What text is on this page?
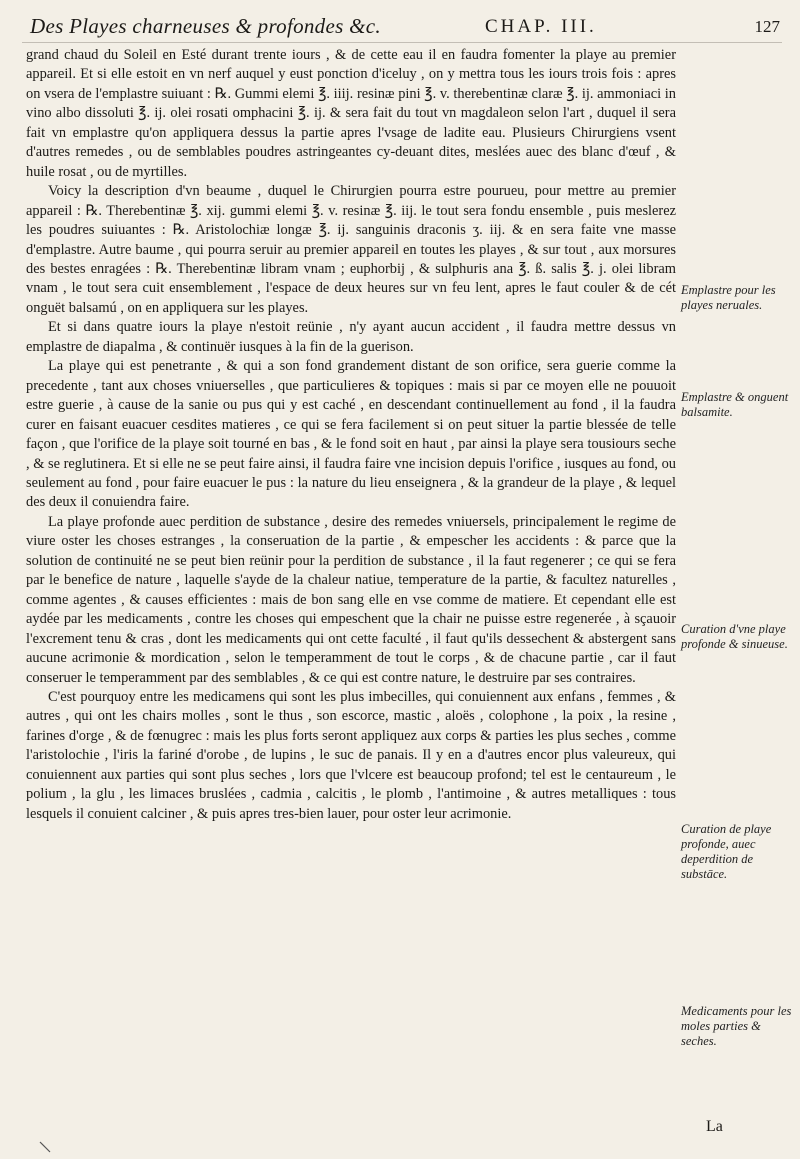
Des Playes charneuses & profondes &c.	CHAP. III.	127

grand chaud du Soleil en Esté durant trente iours , & de cette eau il en faudra fomenter la playe au premier appareil. Et si elle estoit en vn nerf auquel y eust ponction d'iceluy , on y mettra tous les iours trois fois : apres on vsera de l'emplastre suiuant : ℞. Gummi elemi ℥. iiij. resinæ pini ℥. v. therebentinæ claræ ℥. ij. ammoniaci in vino albo dissoluti ℥. ij. olei rosati omphacini ℥. ij. & sera fait du tout vn magdaleon selon l'art , duquel il sera fait vn emplastre qu'on appliquera dessus la partie apres l'vsage de ladite eau. Plusieurs Chirurgiens vsent d'autres remedes , ou de semblables poudres astringeantes cy-deuant dites, meslées auec des blanc d'œuf , & huile rosat , ou de myrtilles.

Voicy la description d'vn beaume , duquel le Chirurgien pourra estre pourueu, pour mettre au premier appareil : ℞. Therebentinæ ℥. xij. gummi elemi ℥. v. resinæ ℥. iij. le tout sera fondu ensemble , puis meslerez les poudres suiuantes : ℞. Aristolochiæ longæ ℥. ij. sanguinis draconis ʒ. iij. & en sera faite vne masse d'emplastre. Autre baume , qui pourra seruir au premier appareil en toutes les playes , & sur tout , aux morsures des bestes enragées : ℞. Therebentinæ libram vnam ; euphorbij , & sulphuris ana ℥. ß. salis ℥. j. olei libram vnam , le tout sera cuit ensemblement , l'espace de deux heures sur vn feu lent, apres le faut couler & de cét onguët balsamú , on en appliquera sur les playes.

Et si dans quatre iours la playe n'estoit reünie , n'y ayant aucun accident , il faudra mettre dessus vn emplastre de diapalma , & continuër iusques à la fin de la guerison.

La playe qui est penetrante , & qui a son fond grandement distant de son orifice, sera guerie comme la precedente , tant aux choses vniuerselles , que particulieres & topiques : mais si par ce moyen elle ne pouuoit estre guerie , à cause de la sanie ou pus qui y est caché , en descendant continuellement au fond , il la faudra curer en faisant euacuer cesdites matieres , ce qui se fera facilement si on peut situer la partie blessée de telle façon , que l'orifice de la playe soit tourné en bas , & le fond soit en haut , par ainsi la playe sera tousiours seche , & se reglutinera. Et si elle ne se peut faire ainsi, il faudra faire vne incision depuis l'orifice , iusques au fond, ou seulement au fond , pour faire euacuer le pus : la nature du lieu enseignera , & la grandeur de la playe , & lequel des deux il conuiendra faire.

La playe profonde auec perdition de substance , desire des remedes vniuersels, principalement le regime de viure oster les choses estranges , la conseruation de la partie , & empescher les accidents : & parce que la solution de continuité ne se peut bien reünir pour la perdition de substance , il la faut regenerer ; ce qui se fera par le benefice de nature , laquelle s'ayde de la chaleur natiue, temperature de la partie, & facultez naturelles , comme agentes , & causes efficientes : mais de bon sang elle en vse comme de matiere. Et cependant elle est aydée par les medicaments , contre les choses qui empeschent que la chair ne puisse estre regenerée , à sçauoir l'excrement tenu & cras , dont les medicaments qui ont cette faculté , il faut qu'ils dessechent & abstergent sans aucune acrimonie & mordication , selon le temperamment de tout le corps , & de chacune partie , car il faut conseruer le temperamment par des semblables , & ce qui est contre nature, le destruire par ses contraires.

C'est pourquoy entre les medicamens qui sont les plus imbecilles, qui conuiennent aux enfans , femmes , & autres , qui ont les chairs molles , sont le thus , son escorce, mastic , aloës , colophone , la poix , la resine , farines d'orge , & de fœnugrec : mais les plus forts seront appliquez aux corps & parties les plus seches , comme l'aristolochie , l'iris la fariné d'orobe , de lupins , le suc de panais. Il y en a d'autres encor plus valeureux, qui conuiennent aux parties qui sont plus seches , lors que l'vlcere est beaucoup profond; tel est le centaureum , le polium , la glu , les limaces bruslées , cadmia , calcitis , le plomb , l'antimoine , & autres metalliques : tous lesquels il conuient calciner , & puis apres tres-bien lauer, pour oster leur acrimonie.

Emplastre pour les playes neruales.
Emplastre & onguent balsamite.
Curation d'vne playe profonde & sinueuse.
Curation de playe profonde, auec deperdition de substāce.
Medicaments pour les moles parties & seches.
La
